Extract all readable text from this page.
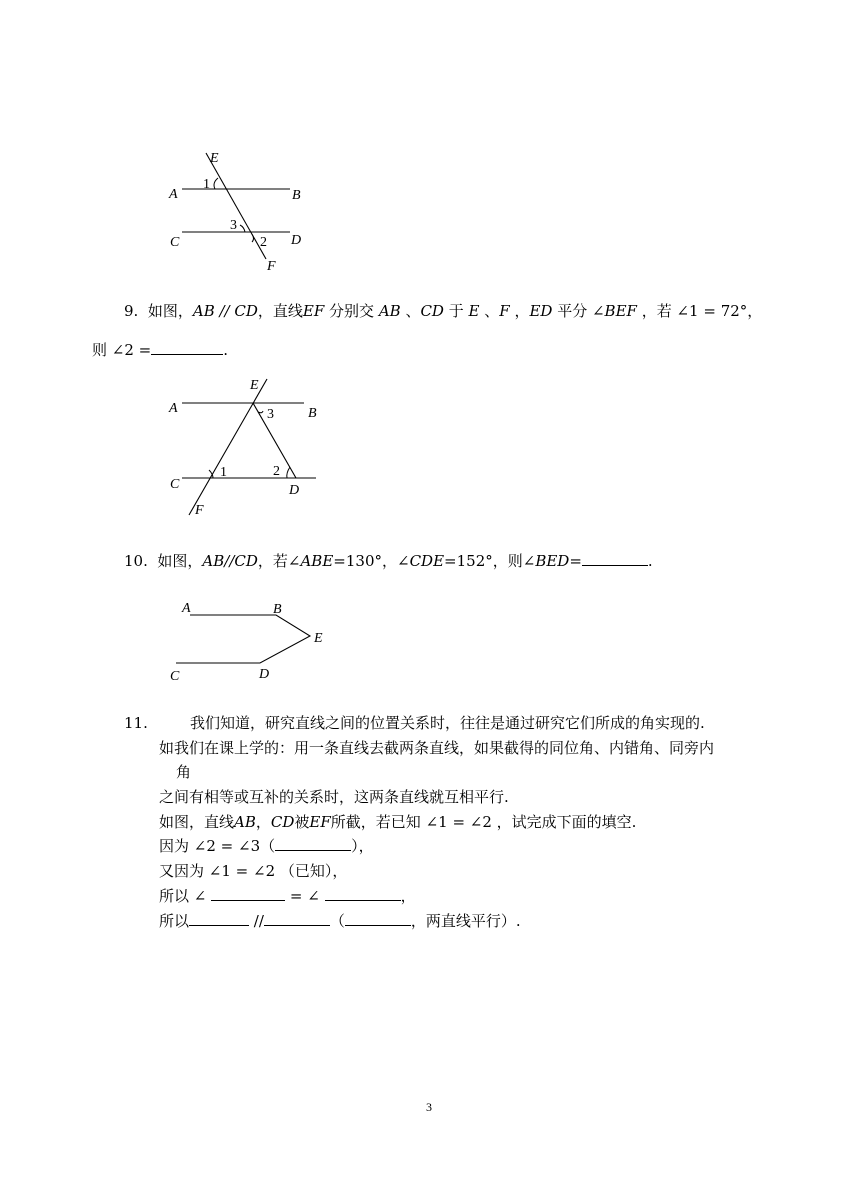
E
A	B
C	D
F
1
3
2
9. 如图，AB // CD，直线EF 分别交 AB 、CD 于 E 、F ，ED 平分 ∠BEF ，若 ∠1 = 72°，
则 ∠2 =	.
E
A	B
C	D
F
3
1	2
10. 如图，AB//CD，若∠ABE=130°，∠CDE=152°，则∠BED=	.
A	B
E
C	D
11.	我们知道，研究直线之间的位置关系时，往往是通过研究它们所成的角实现的.
如我们在课上学的：用一条直线去截两条直线，如果截得的同位角、内错角、同旁内
角
之间有相等或互补的关系时，这两条直线就互相平行.
如图，直线AB，CD被EF所截，若已知 ∠1 = ∠2 ，试完成下面的填空.
因为 ∠2 = ∠3（	），
又因为 ∠1 = ∠2 （已知），
所以 ∠	= ∠	，
所以	//	（	，两直线平行）.
3
